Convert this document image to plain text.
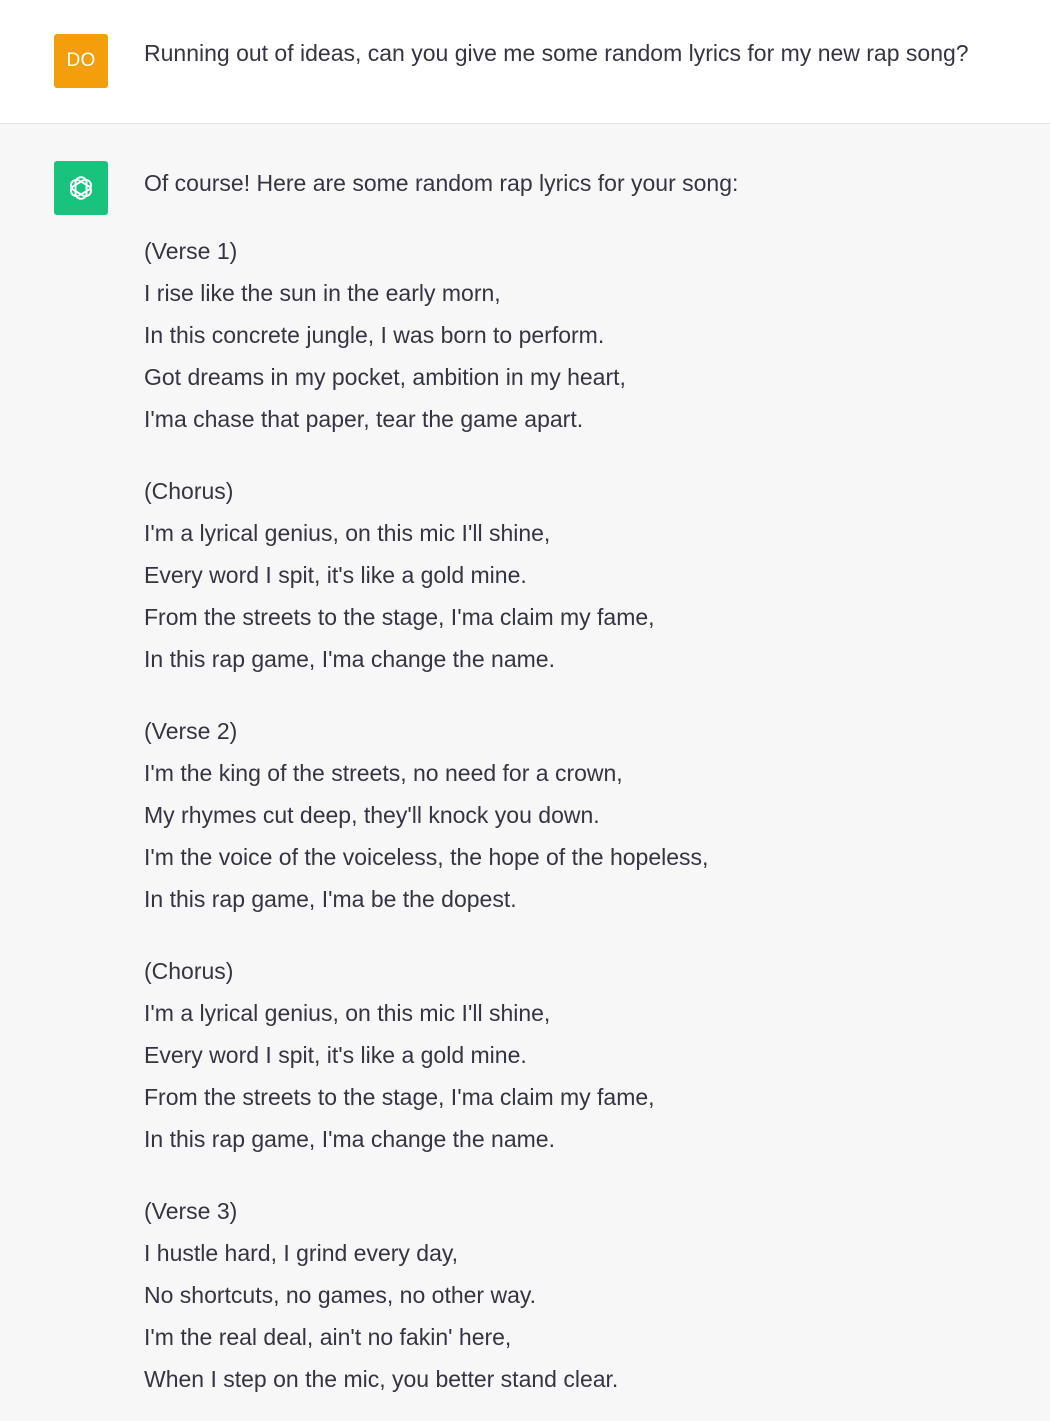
DO	Running out of ideas, can you give me some random lyrics for my new rap song?
Of course! Here are some random rap lyrics for your song:
(Verse 1)
I rise like the sun in the early morn,
In this concrete jungle, I was born to perform.
Got dreams in my pocket, ambition in my heart,
I'ma chase that paper, tear the game apart.
(Chorus)
I'm a lyrical genius, on this mic I'll shine,
Every word I spit, it's like a gold mine.
From the streets to the stage, I'ma claim my fame,
In this rap game, I'ma change the name.
(Verse 2)
I'm the king of the streets, no need for a crown,
My rhymes cut deep, they'll knock you down.
I'm the voice of the voiceless, the hope of the hopeless,
In this rap game, I'ma be the dopest.
(Chorus)
I'm a lyrical genius, on this mic I'll shine,
Every word I spit, it's like a gold mine.
From the streets to the stage, I'ma claim my fame,
In this rap game, I'ma change the name.
(Verse 3)
I hustle hard, I grind every day,
No shortcuts, no games, no other way.
I'm the real deal, ain't no fakin' here,
When I step on the mic, you better stand clear.
